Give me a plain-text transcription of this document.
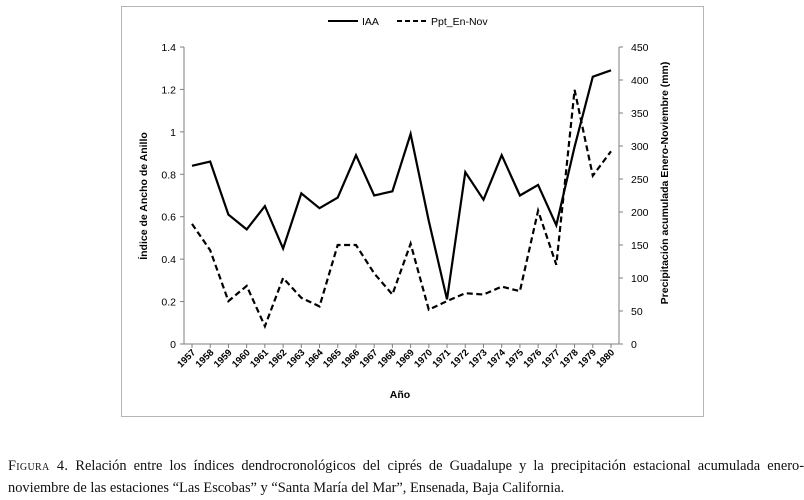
0
0.2
0.4
0.6
0.8
1
1.2
1.4
0
50
100
150
200
250
300
350
400
450
1957
1958
1959
1960
1961
1962
1963
1964
1965
1966
1967
1968
1969
1970
1971
1972
1973
1974
1975
1976
1977
1978
1979
1980
Año
Índice de Ancho de Anillo	Precipitación acumulada Enero-Noviembre (mm)
IAA	Ppt_En-Nov
Figura 4. Relación entre los índices dendrocronológicos del ciprés de Guadalupe y la precipitación estacional acumulada enero-noviembre de las estaciones “Las Escobas” y “Santa María del Mar”, Ensenada, Baja California.
